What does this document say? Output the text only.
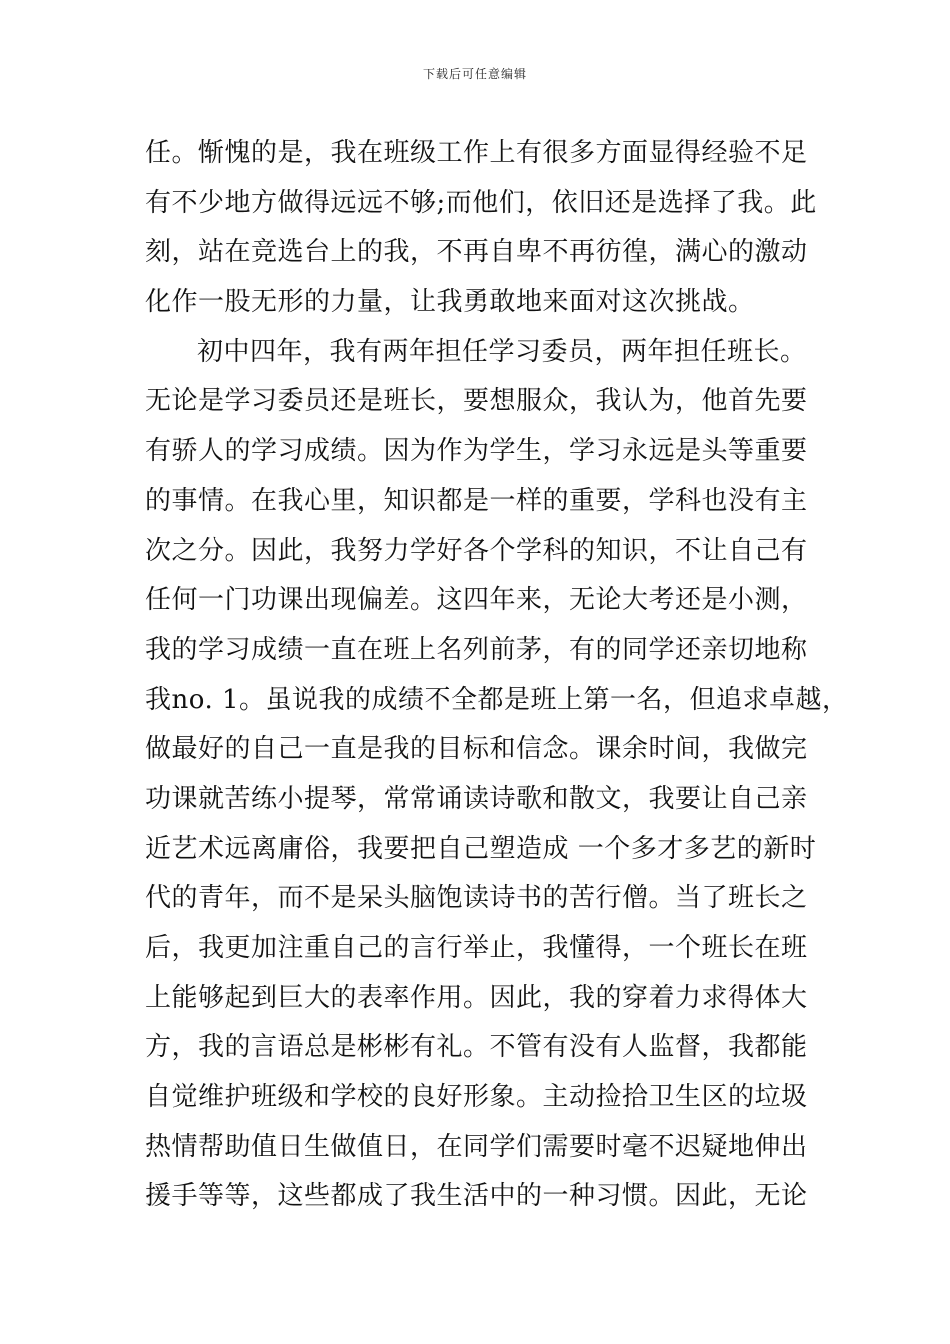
下载后可任意编辑
任。惭愧的是，我在班级工作上有很多方面显得经验不足
有不少地方做得远远不够;而他们，依旧还是选择了我。此
刻，站在竞选台上的我，不再自卑不再彷徨，满心的激动
化作一股无形的力量，让我勇敢地来面对这次挑战。
初中四年，我有两年担任学习委员，两年担任班长。
无论是学习委员还是班长，要想服众，我认为，他首先要
有骄人的学习成绩。因为作为学生，学习永远是头等重要
的事情。在我心里，知识都是一样的重要，学科也没有主
次之分。因此，我努力学好各个学科的知识，不让自己有
任何一门功课出现偏差。这四年来，无论大考还是小测，
我的学习成绩一直在班上名列前茅，有的同学还亲切地称
我no. 1。虽说我的成绩不全都是班上第一名，但追求卓越，
做最好的自己一直是我的目标和信念。课余时间，我做完
功课就苦练小提琴，常常诵读诗歌和散文，我要让自己亲
近艺术远离庸俗，我要把自己塑造成 一个多才多艺的新时
代的青年，而不是呆头脑饱读诗书的苦行僧。当了班长之
后，我更加注重自己的言行举止，我懂得，一个班长在班
上能够起到巨大的表率作用。因此，我的穿着力求得体大
方，我的言语总是彬彬有礼。不管有没有人监督，我都能
自觉维护班级和学校的良好形象。主动捡拾卫生区的垃圾
热情帮助值日生做值日，在同学们需要时毫不迟疑地伸出
援手等等，这些都成了我生活中的一种习惯。因此，无论
